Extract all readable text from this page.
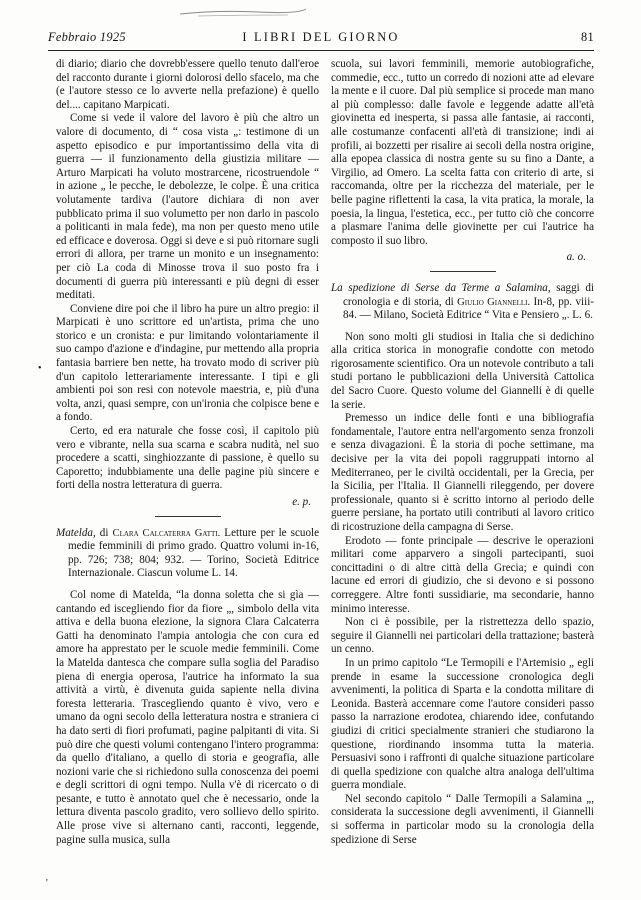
Febbraio 1925	I LIBRI DEL GIORNO	81
•
'

di diario; diario che dovrebb'essere quello tenuto dall'eroe del racconto durante i giorni dolorosi dello sfacelo, ma che (e l'autore stesso ce lo avverte nella prefazione) è quello del.... capitano Marpicati.

Come si vede il valore del lavoro è più che altro un valore di documento, di “ cosa vista „: testimone di un aspetto episodico e pur importantissimo della vita di guerra — il funzionamento della giustizia militare — Arturo Marpicati ha voluto mostrarcene, ricostruendole “ in azione „ le pecche, le debolezze, le colpe. È una critica volutamente tardiva (l'autore dichiara di non aver pubblicato prima il suo volumetto per non darlo in pascolo a politicanti in mala fede), ma non per questo meno utile ed efficace e doverosa. Oggi si deve e si può ritornare sugli errori di allora, per trarne un monito e un insegnamento: per ciò La coda di Minosse trova il suo posto fra i documenti di guerra più interessanti e più degni di esser meditati.

Conviene dire poi che il libro ha pure un altro pregio: il Marpicati è uno scrittore ed un'artista, prima che uno storico e un cronista: e pur limitando volontariamente il suo campo d'azione e d'indagine, pur mettendo alla propria fantasia barriere ben nette, ha trovato modo di scriver più d'un capitolo letterariamente interessante. I tipi e gli ambienti poi son resi con notevole maestria, e, più d'una volta, anzi, quasi sempre, con un'ironia che colpisce bene e a fondo.

Certo, ed era naturale che fosse così, il capitolo più vero e vibrante, nella sua scarna e scabra nudità, nel suo procedere a scatti, singhiozzante di passione, è quello su Caporetto; indubbiamente una delle pagine più sincere e forti della nostra letteratura di guerra.

e. p.
Matelda, di Clara Calcaterra Gatti. Letture per le scuole medie femminili di primo grado. Quattro volumi in-16, pp. 726; 738; 804; 932. — Torino, Società Editrice Internazionale. Ciascun volume L. 14.

Col nome di Matelda, “la donna soletta che si gìa — cantando ed iscegliendo fior da fiore „, simbolo della vita attiva e della buona elezione, la signora Clara Calcaterra Gatti ha denominato l'ampia antologia che con cura ed amore ha apprestato per le scuole medie femminili. Come la Matelda dantesca che compare sulla soglia del Paradiso piena di energia operosa, l'autrice ha informato la sua attività a virtù, è divenuta guida sapiente nella divina foresta letteraria. Trasceglìendo quanto è vivo, vero e umano da ogni secolo della letteratura nostra e straniera ci ha dato serti di fiori profumati, pagine palpitanti di vita. Si può dire che questi volumi contengano l'intero programma: da quello d'italiano, a quello di storia e geografia, alle nozioni varie che si richiedono sulla conoscenza dei poemi e degli scrittori di ogni tempo. Nulla v'è di ricercato o di pesante, e tutto è annotato quel che è necessario, onde la lettura diventa pascolo gradito, vero sollievo dello spirito. Alle prose vive si alternano canti, racconti, leggende, pagine sulla musica, sulla

scuola, sui lavori femminili, memorie autobiografiche, commedie, ecc., tutto un corredo di nozioni atte ad elevare la mente e il cuore. Dal più semplice si procede man mano al più complesso: dalle favole e leggende adatte all'età giovinetta ed inesperta, si passa alle fantasie, ai racconti, alle costumanze confacenti all'età di transizione; indi ai profili, ai bozzetti per risalire ai secoli della nostra origine, alla epopea classica di nostra gente su su fino a Dante, a Virgilio, ad Omero. La scelta fatta con criterio di arte, si raccomanda, oltre per la ricchezza del materiale, per le belle pagine riflettenti la casa, la vita pratica, la morale, la poesia, la lingua, l'estetica, ecc., per tutto ciò che concorre a plasmare l'anima delle giovinette per cui l'autrice ha composto il suo libro.

a. o.
La spedizione di Serse da Terme a Salamina, saggi di cronologia e di storia, di Giulio Giannelli. In-8, pp. viii-84. — Milano, Società Editrice “ Vita e Pensiero „. L. 6.

Non sono molti gli studiosi in Italia che si dedichino alla critica storica in monografie condotte con metodo rigorosamente scientifico. Ora un notevole contributo a tali studi portano le pubblicazioni della Università Cattolica del Sacro Cuore. Questo volume del Giannelli è di quelle la serie.

Premesso un indice delle fonti e una bibliografia fondamentale, l'autore entra nell'argomento senza fronzoli e senza divagazioni. È la storia di poche settimane, ma decisive per la vita dei popoli raggruppati intorno al Mediterraneo, per le civiltà occidentali, per la Grecia, per la Sicilia, per l'Italia. Il Giannelli rileggendo, per dovere professionale, quanto si è scritto intorno al periodo delle guerre persiane, ha portato utili contributi al lavoro critico di ricostruzione della campagna di Serse.

Erodoto — fonte principale — descrive le operazioni militari come apparvero a singoli partecipanti, suoi concittadini o di altre città della Grecia; e quindi con lacune ed errori di giudizio, che si devono e si possono correggere. Altre fonti sussidiarie, ma secondarie, hanno minimo interesse.

Non ci è possibile, per la ristrettezza dello spazio, seguire il Giannelli nei particolari della trattazione; basterà un cenno.

In un primo capitolo “Le Termopili e l'Artemisio „ egli prende in esame la successione cronologica degli avvenimenti, la politica di Sparta e la condotta militare di Leonida. Basterà accennare come l'autore consideri passo passo la narrazione erodotea, chiarendo idee, confutando giudizi di critici specialmente stranieri che studiarono la questione, riordinando insomma tutta la materia. Persuasivi sono i raffronti di qualche situazione particolare di quella spedizione con qualche altra analoga dell'ultima guerra mondiale.

Nel secondo capitolo “ Dalle Termopili a Salamina „, considerata la successione degli avvenimenti, il Giannelli si sofferma in particolar modo su la cronologia della spedizione di Serse
